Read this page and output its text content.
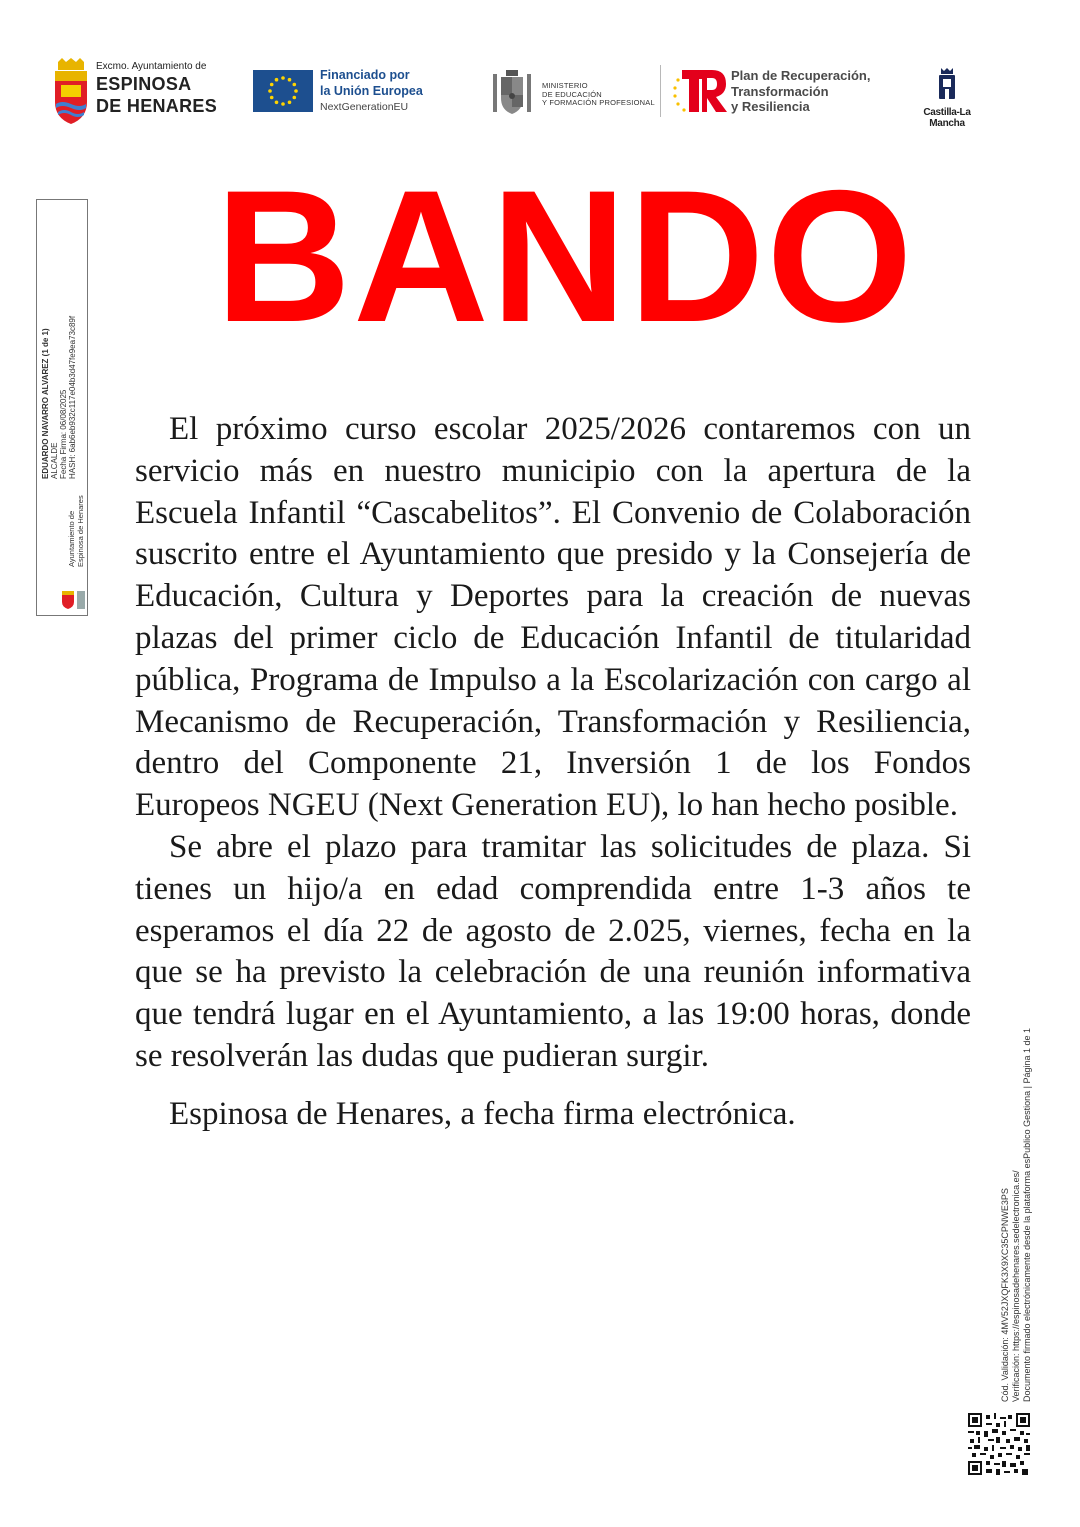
Excmo. Ayuntamiento de
ESPINOSA
DE HENARES
Financiado por
la Unión Europea
NextGenerationEU
MINISTERIO
DE EDUCACIÓN
Y FORMACIÓN PROFESIONAL
Plan de Recuperación,
Transformación
y Resiliencia	Castilla-La Mancha
EDUARDO NAVARRO ALVAREZ (1 de 1) ALCALDE Fecha Firma: 06/08/2025 HASH: 6ab6eb932c117e04b3d47fe9ea73c89f
Ayuntamiento de Espinosa de Henares
BANDO

El próximo curso escolar 2025/2026 contaremos con un servicio más en nuestro municipio con la apertura de la Escuela Infantil “Cascabelitos”. El Convenio de Colaboración suscrito entre el Ayuntamiento que presido y la Consejería de Educación, Cultura y Deportes para la creación de nuevas plazas del primer ciclo de Educación Infantil de titularidad pública, Programa de Impulso a la Escolarización con cargo al Mecanismo de Recuperación, Transformación y Resiliencia, dentro del Componente 21, Inversión 1 de los Fondos Europeos NGEU (Next Generation EU), lo han hecho posible.

Se abre el plazo para tramitar las solicitudes de plaza. Si tienes un hijo/a en edad comprendida entre 1-3 años te esperamos el día 22 de agosto de 2.025, viernes, fecha en la que se ha previsto la celebración de una reunión informativa que tendrá lugar en el Ayuntamiento, a las 19:00 horas, donde se resolverán las dudas que pudieran surgir.

Espinosa de Henares, a fecha firma electrónica.

Cód. Validación: 4MV52JXQFK3X9XC35CPNWE3PS Verificación: https://espinosadehenares.sedelectronica.es/ Documento firmado electrónicamente desde la plataforma esPublico Gestiona | Página 1 de 1
